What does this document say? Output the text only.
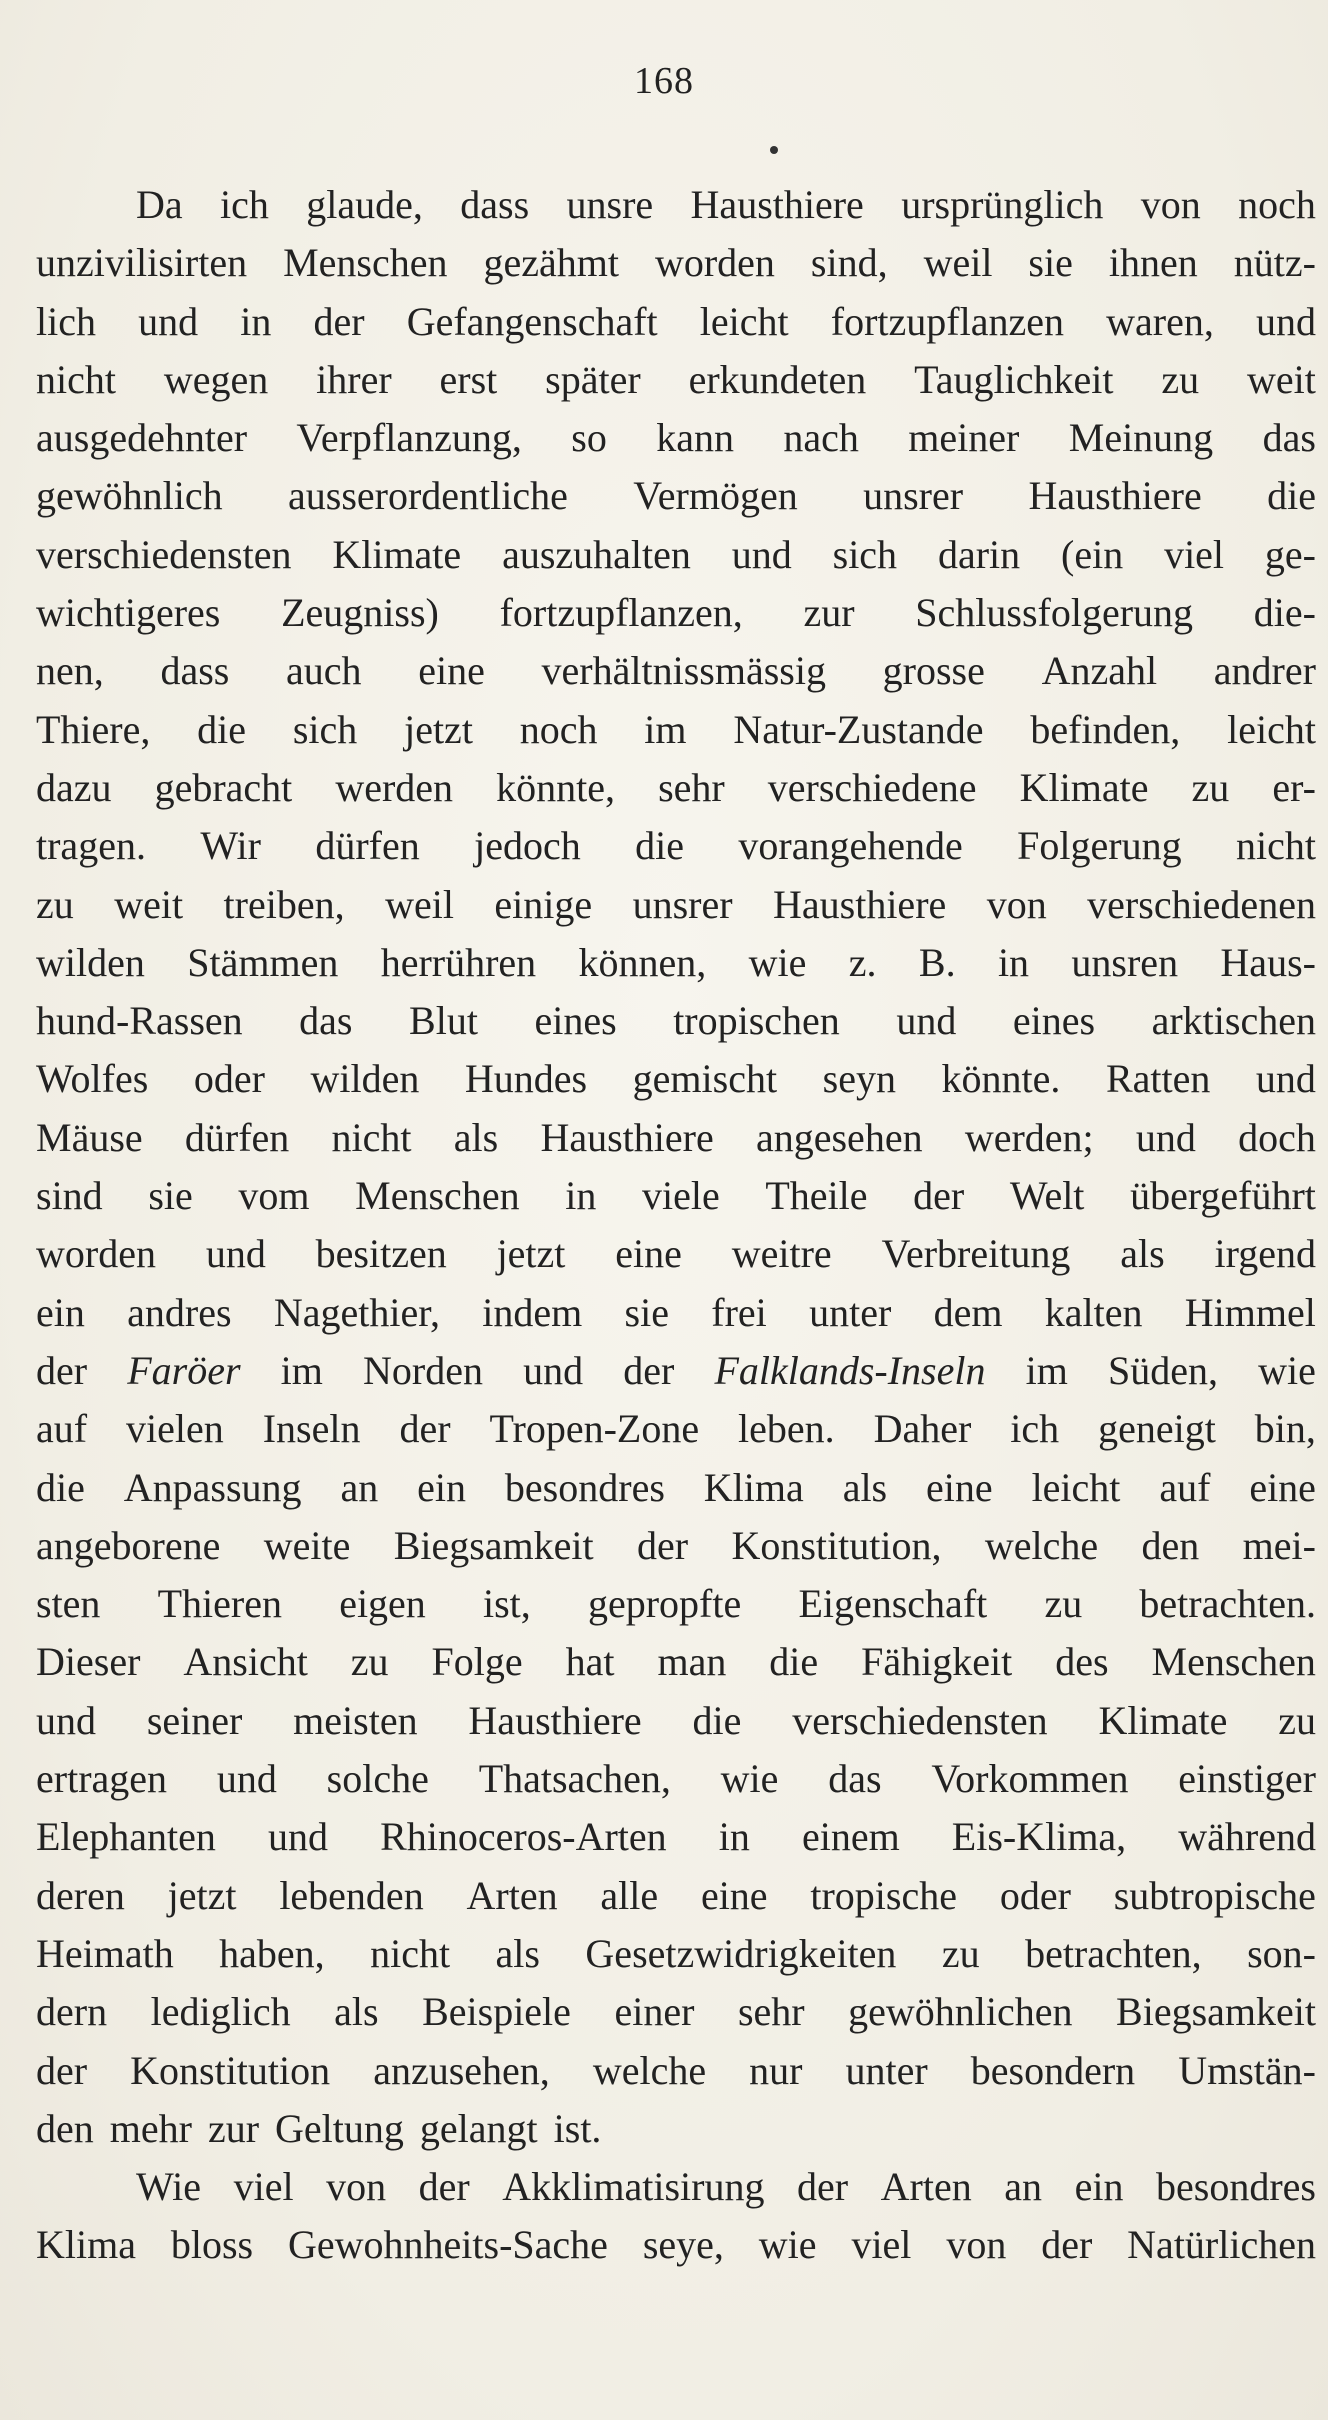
168
Da ich glaude, dass unsre Hausthiere ursprünglich von noch
unzivilisirten Menschen gezähmt worden sind, weil sie ihnen nütz-
lich und in der Gefangenschaft leicht fortzupflanzen waren, und
nicht wegen ihrer erst später erkundeten Tauglichkeit zu weit
ausgedehnter Verpflanzung, so kann nach meiner Meinung das
gewöhnlich ausserordentliche Vermögen unsrer Hausthiere die
verschiedensten Klimate auszuhalten und sich darin (ein viel ge-
wichtigeres Zeugniss) fortzupflanzen, zur Schlussfolgerung die-
nen, dass auch eine verhältnissmässig grosse Anzahl andrer
Thiere, die sich jetzt noch im Natur-Zustande befinden, leicht
dazu gebracht werden könnte, sehr verschiedene Klimate zu er-
tragen. Wir dürfen jedoch die vorangehende Folgerung nicht
zu weit treiben, weil einige unsrer Hausthiere von verschiedenen
wilden Stämmen herrühren können, wie z. B. in unsren Haus-
hund-Rassen das Blut eines tropischen und eines arktischen
Wolfes oder wilden Hundes gemischt seyn könnte. Ratten und
Mäuse dürfen nicht als Hausthiere angesehen werden; und doch
sind sie vom Menschen in viele Theile der Welt übergeführt
worden und besitzen jetzt eine weitre Verbreitung als irgend
ein andres Nagethier, indem sie frei unter dem kalten Himmel
der Faröer im Norden und der Falklands-Inseln im Süden, wie
auf vielen Inseln der Tropen-Zone leben. Daher ich geneigt bin,
die Anpassung an ein besondres Klima als eine leicht auf eine
angeborene weite Biegsamkeit der Konstitution, welche den mei-
sten Thieren eigen ist, gepropfte Eigenschaft zu betrachten.
Dieser Ansicht zu Folge hat man die Fähigkeit des Menschen
und seiner meisten Hausthiere die verschiedensten Klimate zu
ertragen und solche Thatsachen, wie das Vorkommen einstiger
Elephanten und Rhinoceros-Arten in einem Eis-Klima, während
deren jetzt lebenden Arten alle eine tropische oder subtropische
Heimath haben, nicht als Gesetzwidrigkeiten zu betrachten, son-
dern lediglich als Beispiele einer sehr gewöhnlichen Biegsamkeit
der Konstitution anzusehen, welche nur unter besondern Umstän-
den mehr zur Geltung gelangt ist.
Wie viel von der Akklimatisirung der Arten an ein besondres
Klima bloss Gewohnheits-Sache seye, wie viel von der Natürlichen
